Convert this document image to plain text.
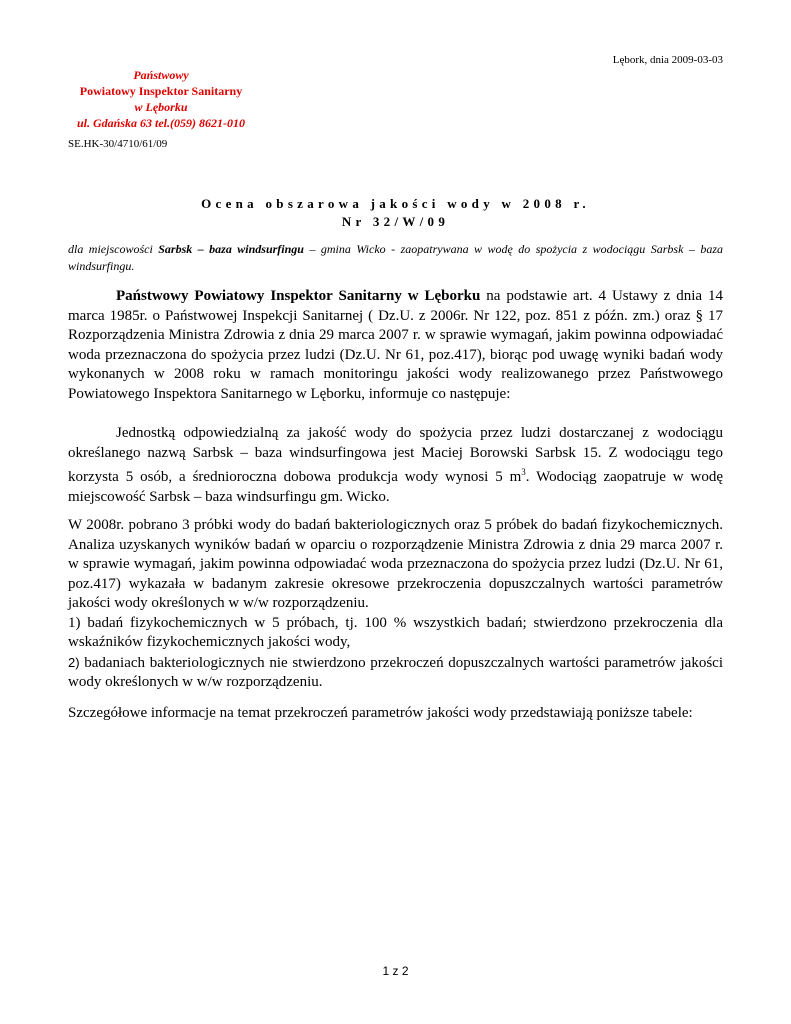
Lębork, dnia 2009-03-03
Państwowy
Powiatowy Inspektor Sanitarny
w Lęborku
ul. Gdańska 63 tel.(059) 8621-010
SE.HK-30/4710/61/09
Ocena obszarowa jakości wody w 2008 r.
Nr 32/W/09
dla miejscowości Sarbsk – baza windsurfingu – gmina Wicko - zaopatrywana w wodę do spożycia z wodociągu Sarbsk – baza windsurfingu.
Państwowy Powiatowy Inspektor Sanitarny w Lęborku na podstawie art. 4 Ustawy z dnia 14 marca 1985r. o Państwowej Inspekcji Sanitarnej ( Dz.U. z 2006r. Nr 122, poz. 851 z późn. zm.) oraz § 17 Rozporządzenia Ministra Zdrowia z dnia 29 marca 2007 r. w sprawie wymagań, jakim powinna odpowiadać woda przeznaczona do spożycia przez ludzi (Dz.U. Nr 61, poz.417), biorąc pod uwagę wyniki badań wody wykonanych w 2008 roku w ramach monitoringu jakości wody realizowanego przez Państwowego Powiatowego Inspektora Sanitarnego w Lęborku, informuje co następuje:
Jednostką odpowiedzialną za jakość wody do spożycia przez ludzi dostarczanej z wodociągu określanego nazwą Sarbsk – baza windsurfingowa jest Maciej Borowski Sarbsk 15. Z wodociągu tego korzysta 5 osób, a średnioroczna dobowa produkcja wody wynosi 5 $m^3$. Wodociąg zaopatruje w wodę miejscowość Sarbsk – baza windsurfingu gm. Wicko.
W 2008r. pobrano 3 próbki wody do badań bakteriologicznych oraz 5 próbek do badań fizykochemicznych. Analiza uzyskanych wyników badań w oparciu o rozporządzenie Ministra Zdrowia z dnia 29 marca 2007 r. w sprawie wymagań, jakim powinna odpowiadać woda przeznaczona do spożycia przez ludzi (Dz.U. Nr 61, poz.417) wykazała w badanym zakresie okresowe przekroczenia dopuszczalnych wartości parametrów jakości wody określonych w w/w rozporządzeniu.
1) badań fizykochemicznych w 5 próbach, tj. 100 % wszystkich badań; stwierdzono przekroczenia dla wskaźników fizykochemicznych jakości wody,
2) badaniach bakteriologicznych nie stwierdzono przekroczeń dopuszczalnych wartości parametrów jakości wody określonych w w/w rozporządzeniu.
Szczegółowe informacje na temat przekroczeń parametrów jakości wody przedstawiają poniższe tabele:
1 z 2
